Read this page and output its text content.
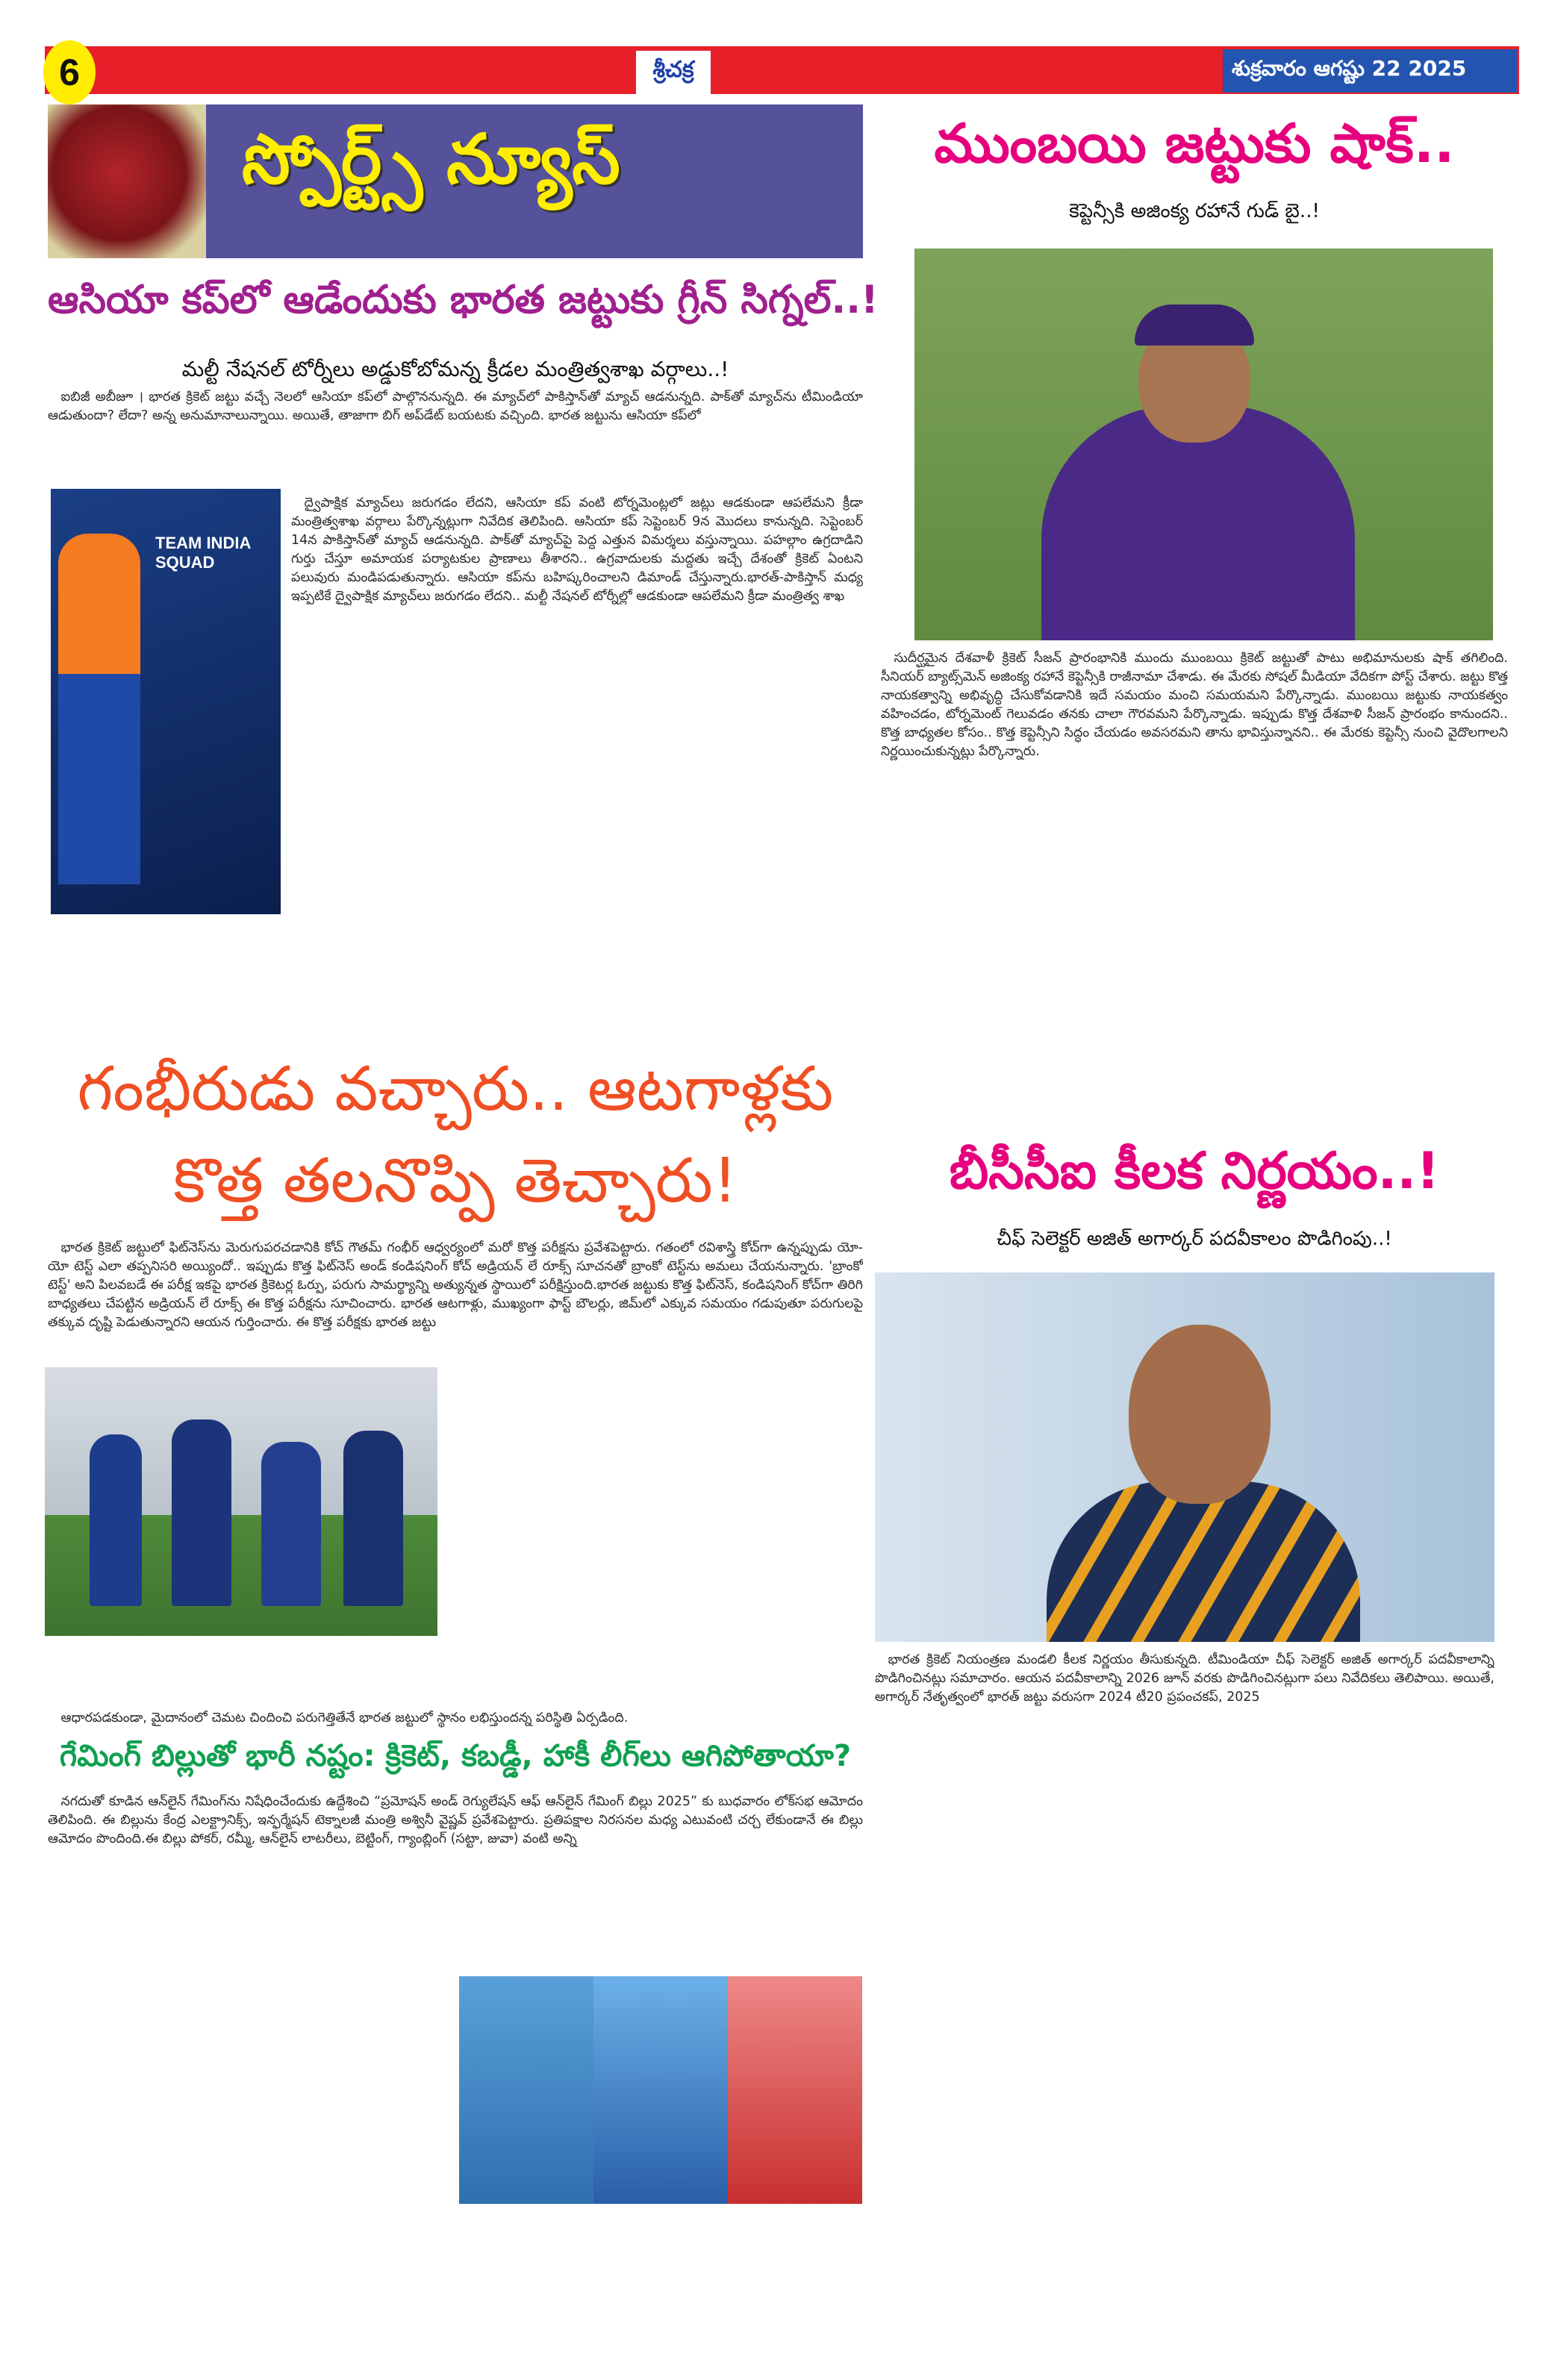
6	శ్రీచక్ర	శుక్రవారం ఆగష్టు 22 2025
స్పోర్ట్స్ న్యూస్
ఆసియా కప్‌లో ఆడేందుకు భారత జట్టుకు గ్రీన్ సిగ్నల్..!
మల్టీ నేషనల్ టోర్నీలు అడ్డుకోబోమన్న క్రీడల మంత్రిత్వశాఖ వర్గాలు..!
TEAM INDIA SQUAD

ఐబిజీ అబీజూ । భారత క్రికెట్ జట్టు వచ్చే నెలలో ఆసియా కప్‌లో పాల్గొననున్నది. ఈ మ్యాచ్‌లో పాకిస్తాన్‌తో మ్యాచ్ ఆడనున్నది. పాక్‌తో మ్యాచ్‌ను టీమిండియా ఆడుతుందా? లేదా? అన్న అనుమానాలున్నాయి. అయితే, తాజాగా బిగ్ అప్‌డేట్ బయటకు వచ్చింది. భారత జట్టును ఆసియా కప్‌లో

ద్వైపాక్షిక మ్యాచ్‌లు జరుగడం లేదని, ఆసియా కప్ వంటి టోర్నమెంట్లలో జట్లు ఆడకుండా ఆపలేమని క్రీడా మంత్రిత్వశాఖ వర్గాలు పేర్కొన్నట్లుగా నివేదిక తెలిపింది. ఆసియా కప్ సెప్టెంబర్ 9న మొదలు కానున్నది. సెప్టెంబర్ 14న పాకిస్తాన్‌తో మ్యాచ్ ఆడనున్నది. పాక్‌తో మ్యాచ్‌పై పెద్ద ఎత్తున విమర్శలు వస్తున్నాయి. పహల్గాం ఉగ్రదాడిని గుర్తు చేస్తూ అమాయక పర్యాటకుల ప్రాణాలు తీశారని.. ఉగ్రవాదులకు మద్దతు ఇచ్చే దేశంతో క్రికెట్ ఏంటని పలువురు మండిపడుతున్నారు. ఆసియా కప్‌ను బహిష్కరించాలని డిమాండ్ చేస్తున్నారు.భారత్-పాకిస్తాన్ మధ్య ఇప్పటికే ద్వైపాక్షిక మ్యాచ్‌లు జరుగడం లేదని.. మల్టీ నేషనల్ టోర్నీల్లో ఆడకుండా ఆపలేమని క్రీడా మంత్రిత్వ శాఖ

గంభీరుడు వచ్చారు.. ఆటగాళ్లకు
కొత్త తలనొప్పి తెచ్చారు!

భారత క్రికెట్ జట్టులో ఫిట్‌నెస్‌ను మెరుగుపరచడానికి కోచ్ గౌతమ్ గంభీర్ ఆధ్వర్యంలో మరో కొత్త పరీక్షను ప్రవేశపెట్టారు. గతంలో రవిశాస్త్రి కోచ్‌గా ఉన్నప్పుడు యో-యో టెస్ట్ ఎలా తప్పనిసరి అయ్యిందో.. ఇప్పుడు కొత్త ఫిట్‌నెస్ అండ్ కండిషనింగ్ కోచ్ అడ్రియన్ లే రూక్స్ సూచనతో బ్రాంకో టెస్ట్‌ను అమలు చేయనున్నారు. 'బ్రాంకో టెస్ట్' అని పిలవబడే ఈ పరీక్ష ఇకపై భారత క్రికెటర్ల ఓర్పు, పరుగు సామర్థ్యాన్ని అత్యున్నత స్థాయిలో పరీక్షిస్తుంది.భారత జట్టుకు కొత్త ఫిట్‌నెస్, కండిషనింగ్ కోచ్‌గా తిరిగి బాధ్యతలు చేపట్టిన అడ్రియన్ లే రూక్స్ ఈ కొత్త పరీక్షను సూచించారు. భారత ఆటగాళ్లు, ముఖ్యంగా ఫాస్ట్ బౌలర్లు, జిమ్‌లో ఎక్కువ సమయం గడుపుతూ పరుగులపై తక్కువ దృష్టి పెడుతున్నారని ఆయన గుర్తించారు. ఈ కొత్త పరీక్షకు భారత జట్టు

ఆధారపడకుండా, మైదానంలో చెమట చిందించి పరుగెత్తితేనే భారత జట్టులో స్థానం లభిస్తుందన్న పరిస్థితి ఏర్పడింది.

గేమింగ్ బిల్లుతో భారీ నష్టం: క్రికెట్, కబడ్డీ, హాకీ లీగ్‌లు ఆగిపోతాయా?

నగదుతో కూడిన ఆన్‌లైన్ గేమింగ్‌ను నిషేధించేందుకు ఉద్దేశించి “ప్రమోషన్ అండ్ రెగ్యులేషన్ ఆఫ్ ఆన్‌లైన్ గేమింగ్ బిల్లు 2025” కు బుధవారం లోక్‌సభ ఆమోదం తెలిపింది. ఈ బిల్లును కేంద్ర ఎలక్ట్రానిక్స్, ఇన్ఫర్మేషన్ టెక్నాలజీ మంత్రి అశ్వినీ వైష్ణవ్ ప్రవేశపెట్టారు. ప్రతిపక్షాల నిరసనల మధ్య ఎటువంటి చర్చ లేకుండానే ఈ బిల్లు ఆమోదం పొందింది.ఈ బిల్లు పోకర్, రమ్మీ, ఆన్‌లైన్ లాటరీలు, బెట్టింగ్, గ్యాంబ్లింగ్ (సట్టా, జువా) వంటి అన్ని

ముంబయి జట్టుకు షాక్..
కెప్టెన్సీకి అజింక్య రహానే గుడ్ బై..!

సుదీర్ఘమైన దేశవాళీ క్రికెట్ సీజన్ ప్రారంభానికి ముందు ముంబయి క్రికెట్ జట్టుతో పాటు అభిమానులకు షాక్ తగిలింది. సీనియర్ బ్యాట్స్‌మెన్ అజింక్య రహానే కెప్టెన్సీకి రాజీనామా చేశాడు. ఈ మేరకు సోషల్ మీడియా వేదికగా పోస్ట్ చేశారు. జట్టు కొత్త నాయకత్వాన్ని అభివృద్ధి చేసుకోవడానికి ఇదే సమయం మంచి సమయమని పేర్కొన్నాడు. ముంబయి జట్టుకు నాయకత్వం వహించడం, టోర్నమెంట్ గెలువడం తనకు చాలా గౌరవమని పేర్కొన్నాడు. ఇప్పుడు కొత్త దేశవాళి సీజన్ ప్రారంభం కానుందని.. కొత్త బాధ్యతల కోసం.. కొత్త కెప్టెన్సీని సిద్ధం చేయడం అవసరమని తాను భావిస్తున్నానని.. ఈ మేరకు కెప్టెన్సీ నుంచి వైదొలగాలని నిర్ణయించుకున్నట్లు పేర్కొన్నారు.

బీసీసీఐ కీలక నిర్ణయం..!
చీఫ్ సెలెక్టర్ అజిత్ అగార్కర్ పదవీకాలం పొడిగింపు..!

భారత క్రికెట్ నియంత్రణ మండలి కీలక నిర్ణయం తీసుకున్నది. టీమిండియా చీఫ్ సెలెక్టర్ అజిత్ అగార్కర్ పదవీకాలాన్ని పొడిగించినట్లు సమాచారం. ఆయన పదవీకాలాన్ని 2026 జూన్ వరకు పొడిగించినట్లుగా పలు నివేదికలు తెలిపాయి. అయితే, అగార్కర్ నేతృత్వంలో భారత్ జట్టు వరుసగా 2024 టీ20 ప్రపంచకప్, 2025
